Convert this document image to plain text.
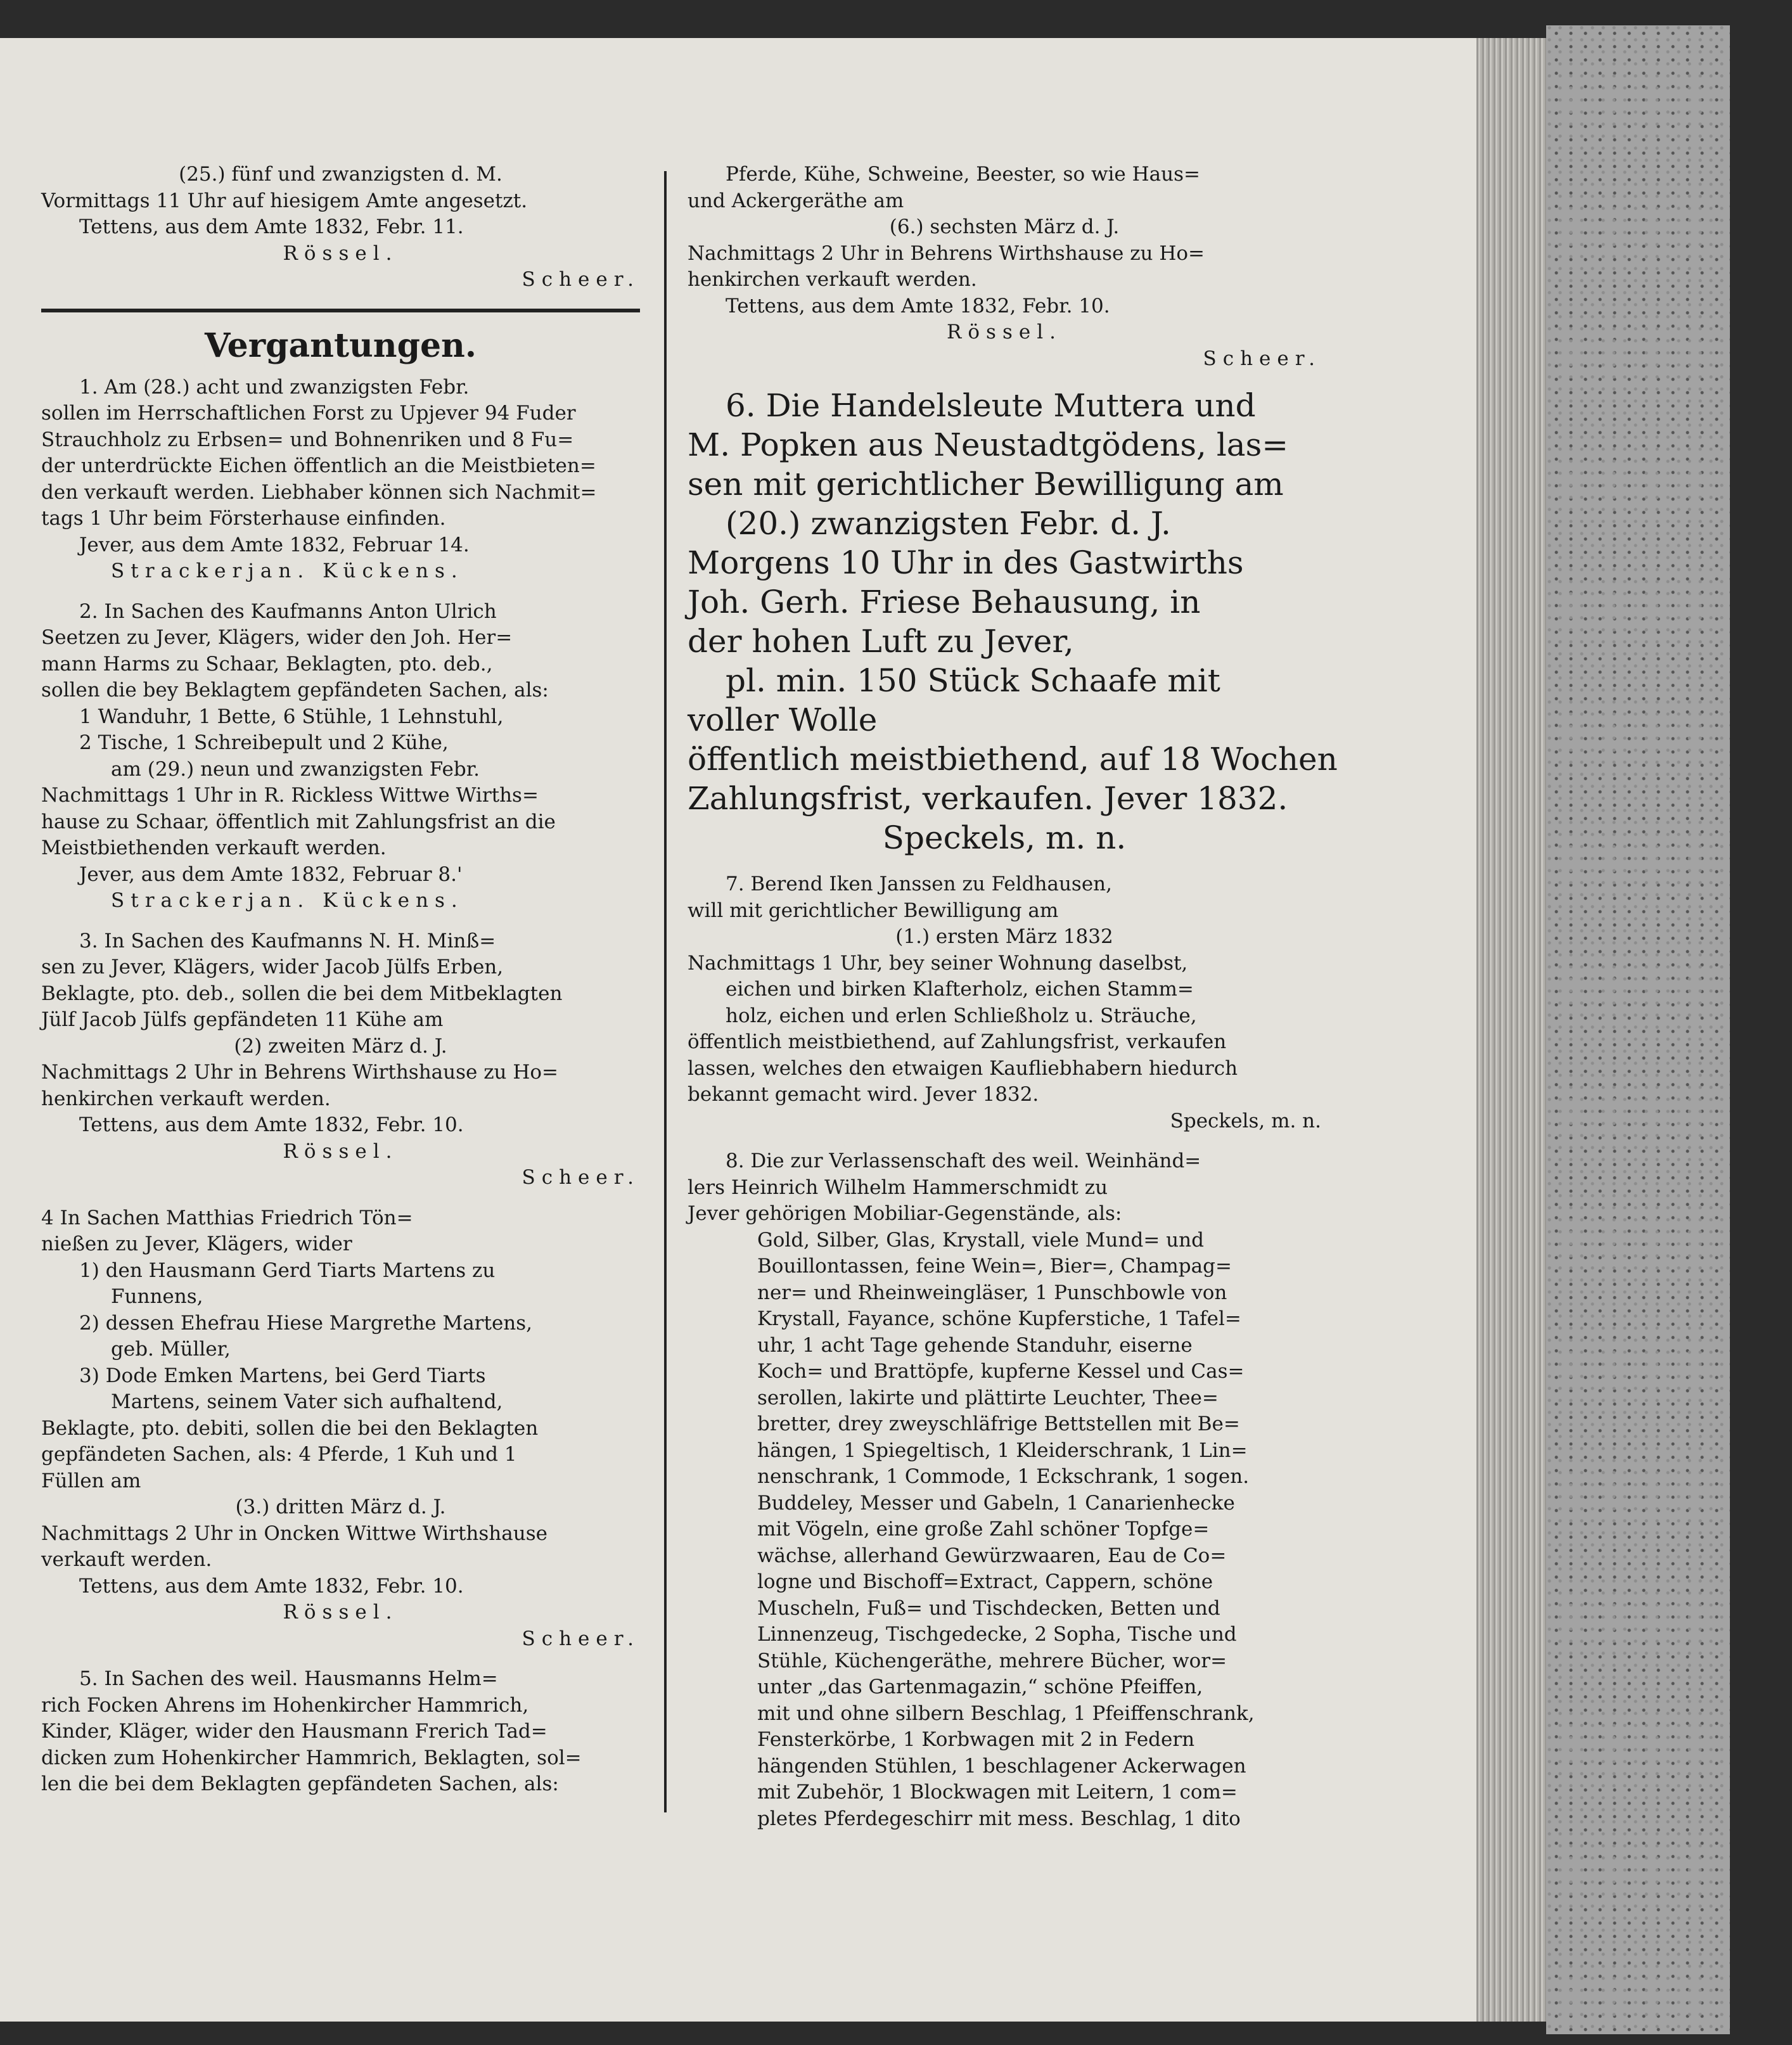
(25.) fünf und zwanzigsten d. M.

Vormittags 11 Uhr auf hiesigem Amte angesetzt.

Tettens, aus dem Amte 1832, Febr. 11.

Rössel.

Scheer.

Vergantungen.

1. Am (28.) acht und zwanzigsten Febr.

sollen im Herrschaftlichen Forst zu Upjever 94 Fuder

Strauchholz zu Erbsen= und Bohnenriken und 8 Fu=

der unterdrückte Eichen öffentlich an die Meistbieten=

den verkauft werden. Liebhaber können sich Nachmit=

tags 1 Uhr beim Försterhause einfinden.

Jever, aus dem Amte 1832, Februar 14.

Strackerjan. Kückens.

2. In Sachen des Kaufmanns Anton Ulrich

Seetzen zu Jever, Klägers, wider den Joh. Her=

mann Harms zu Schaar, Beklagten, pto. deb.,

sollen die bey Beklagtem gepfändeten Sachen, als:

1 Wanduhr, 1 Bette, 6 Stühle, 1 Lehnstuhl,

2 Tische, 1 Schreibepult und 2 Kühe,

am (29.) neun und zwanzigsten Febr.

Nachmittags 1 Uhr in R. Rickless Wittwe Wirths=

hause zu Schaar, öffentlich mit Zahlungsfrist an die

Meistbiethenden verkauft werden.

Jever, aus dem Amte 1832, Februar 8.'

Strackerjan. Kückens.

3. In Sachen des Kaufmanns N. H. Minß=

sen zu Jever, Klägers, wider Jacob Jülfs Erben,

Beklagte, pto. deb., sollen die bei dem Mitbeklagten

Jülf Jacob Jülfs gepfändeten 11 Kühe am

(2) zweiten März d. J.

Nachmittags 2 Uhr in Behrens Wirthshause zu Ho=

henkirchen verkauft werden.

Tettens, aus dem Amte 1832, Febr. 10.

Rössel.

Scheer.

4 In Sachen Matthias Friedrich Tön=

nießen zu Jever, Klägers, wider

1) den Hausmann Gerd Tiarts Martens zu

Funnens,

2) dessen Ehefrau Hiese Margrethe Martens,

geb. Müller,

3) Dode Emken Martens, bei Gerd Tiarts

Martens, seinem Vater sich aufhaltend,

Beklagte, pto. debiti, sollen die bei den Beklagten

gepfändeten Sachen, als: 4 Pferde, 1 Kuh und 1

Füllen am

(3.) dritten März d. J.

Nachmittags 2 Uhr in Oncken Wittwe Wirthshause

verkauft werden.

Tettens, aus dem Amte 1832, Febr. 10.

Rössel.

Scheer.

5. In Sachen des weil. Hausmanns Helm=

rich Focken Ahrens im Hohenkircher Hammrich,

Kinder, Kläger, wider den Hausmann Frerich Tad=

dicken zum Hohenkircher Hammrich, Beklagten, sol=

len die bei dem Beklagten gepfändeten Sachen, als:

Pferde, Kühe, Schweine, Beester, so wie Haus=

und Ackergeräthe am

(6.) sechsten März d. J.

Nachmittags 2 Uhr in Behrens Wirthshause zu Ho=

henkirchen verkauft werden.

Tettens, aus dem Amte 1832, Febr. 10.

Rössel.

Scheer.

6. Die Handelsleute Muttera und

M. Popken aus Neustadtgödens, las=

sen mit gerichtlicher Bewilligung am

(20.) zwanzigsten Febr. d. J.

Morgens 10 Uhr in des Gastwirths

Joh. Gerh. Friese Behausung, in

der hohen Luft zu Jever,

pl. min. 150 Stück Schaafe mit

voller Wolle

öffentlich meistbiethend, auf 18 Wochen

Zahlungsfrist, verkaufen. Jever 1832.

Speckels, m. n.

7. Berend Iken Janssen zu Feldhausen,

will mit gerichtlicher Bewilligung am

(1.) ersten März 1832

Nachmittags 1 Uhr, bey seiner Wohnung daselbst,

eichen und birken Klafterholz, eichen Stamm=

holz, eichen und erlen Schließholz u. Sträuche,

öffentlich meistbiethend, auf Zahlungsfrist, verkaufen

lassen, welches den etwaigen Kaufliebhabern hiedurch

bekannt gemacht wird. Jever 1832.

Speckels, m. n.

8. Die zur Verlassenschaft des weil. Weinhänd=

lers Heinrich Wilhelm Hammerschmidt zu

Jever gehörigen Mobiliar-Gegenstände, als:

Gold, Silber, Glas, Krystall, viele Mund= und

Bouillontassen, feine Wein=, Bier=, Champag=

ner= und Rheinweingläser, 1 Punschbowle von

Krystall, Fayance, schöne Kupferstiche, 1 Tafel=

uhr, 1 acht Tage gehende Standuhr, eiserne

Koch= und Brattöpfe, kupferne Kessel und Cas=

serollen, lakirte und plättirte Leuchter, Thee=

bretter, drey zweyschläfrige Bettstellen mit Be=

hängen, 1 Spiegeltisch, 1 Kleiderschrank, 1 Lin=

nenschrank, 1 Commode, 1 Eckschrank, 1 sogen.

Buddeley, Messer und Gabeln, 1 Canarienhecke

mit Vögeln, eine große Zahl schöner Topfge=

wächse, allerhand Gewürzwaaren, Eau de Co=

logne und Bischoff=Extract, Cappern, schöne

Muscheln, Fuß= und Tischdecken, Betten und

Linnenzeug, Tischgedecke, 2 Sopha, Tische und

Stühle, Küchengeräthe, mehrere Bücher, wor=

unter „das Gartenmagazin,“ schöne Pfeiffen,

mit und ohne silbern Beschlag, 1 Pfeiffenschrank,

Fensterkörbe, 1 Korbwagen mit 2 in Federn

hängenden Stühlen, 1 beschlagener Ackerwagen

mit Zubehör, 1 Blockwagen mit Leitern, 1 com=

pletes Pferdegeschirr mit mess. Beschlag, 1 dito
